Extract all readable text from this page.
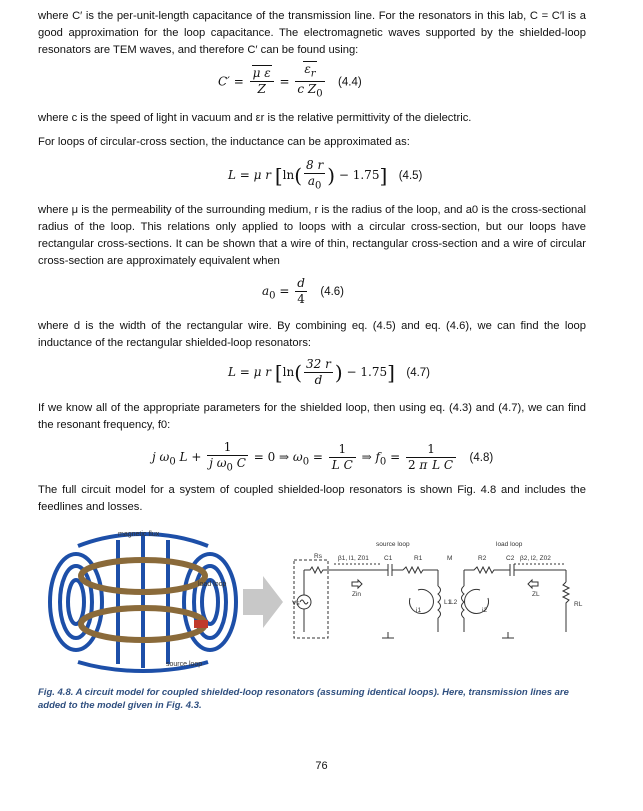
where C′ is the per-unit-length capacitance of the transmission line. For the resonators in this lab, C = C′l is a good approximation for the loop capacitance. The electromagnetic waves supported by the shielded-loop resonators are TEM waves, and therefore C′ can be found using:

$C' = \frac{\text{μ ε}}{Z} = \frac{\varepsilon_r}{c Z_0} (4.4)$

where c is the speed of light in vacuum and εr is the relative permittivity of the dielectric.

For loops of circular-cross section, the inductance can be approximated as:

L = μ r [$\ln( \frac{8 r}{a_0}$ ) − 1.75] (4.5)

where μ is the permeability of the surrounding medium, r is the radius of the loop, and a0 is the cross-sectional radius of the loop. This relations only applied to loops with a circular cross-section, but our loops have rectangular cross-sections. It can be shown that a wire of thin, rectangular cross-section and a wire of circular cross-section are approximately equivalent when

$a_0 = \frac{d}{4} (4.6)$

where d is the width of the rectangular wire. By combining eq. (4.5) and eq. (4.6), we can find the loop inductance of the rectangular shielded-loop resonators:

L = μ r [$\ln( \frac{32 r}{d}$ ) − 1.75] (4.7)

If we know all of the appropriate parameters for the shielded loop, then using eq. (4.3) and (4.7), we can find the resonant frequency, f0:

j $\omega_0$ $L + \frac{1}{j \omega_0 C} = 0$ ⇒ $\omega_0 = \frac{1}{\text{L C}}$ ⇒ $f_0 = \frac{1}{\text{2 π L C}} (4.8)$

The full circuit model for a system of coupled shielded-loop resonators is shown Fig. 4.8 and includes the feedlines and losses.

magnetic flux
load loop
source loop
source loop	load loop
Rs β1, l1, Z01 C1	R1	M	R2	C2 β2, l2, Z02
L1
L2
i1	i2
Zin	ZL
RL
Vs

Fig. 4.8. A circuit model for coupled shielded-loop resonators (assuming identical loops). Here, transmission lines are added to the model given in Fig. 4.3.

76
